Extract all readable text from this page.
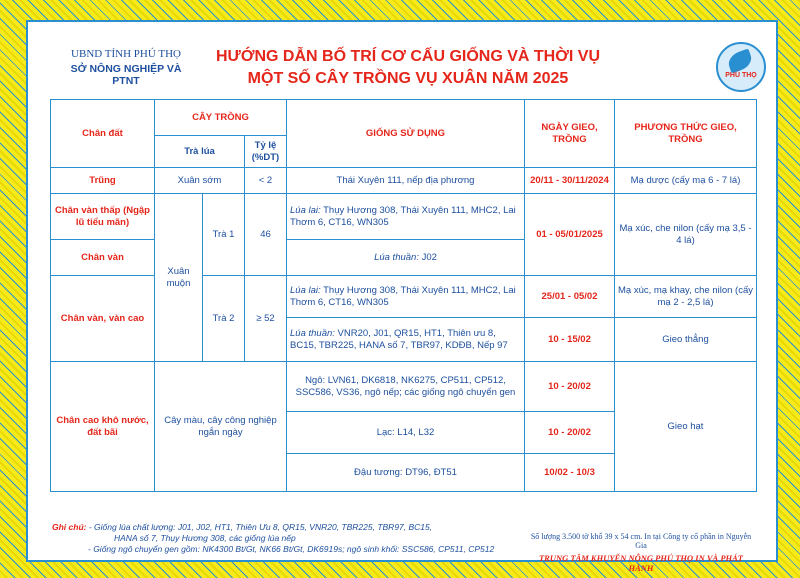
UBND TỈNH PHÚ THỌ
SỞ NÔNG NGHIỆP VÀ PTNT
HƯỚNG DẪN BỐ TRÍ CƠ CẤU GIỐNG VÀ THỜI VỤ
MỘT SỐ CÂY TRỒNG VỤ XUÂN NĂM 2025	PHÚ THỌ
Chân đất	CÂY TRỒNG			GIỐNG SỬ DỤNG	NGÀY GIEO, TRỒNG	PHƯƠNG THỨC GIEO, TRỒNG
	Trà lúa		Tỷ lệ (%DT)			
Trũng	Xuân sớm		< 2	Thái Xuyên 111, nếp địa phương	20/11 - 30/11/2024	Mạ dược (cấy mạ 6 - 7 lá)
Chân vàn thấp (Ngập lũ tiểu mãn)	Xuân muộn	Trà 1	46	Lúa lai: Thụy Hương 308, Thái Xuyên 111, MHC2, Lai Thơm 6, CT16, WN305	01 - 05/01/2025	Mạ xúc, che nilon (cấy mạ 3,5 - 4 lá)
Chân vàn				Lúa thuần: J02		
Chân vàn, vàn cao		Trà 2	≥ 52	Lúa lai: Thụy Hương 308, Thái Xuyên 111, MHC2, Lai Thơm 6, CT16, WN305	25/01 - 05/02	Mạ xúc, mạ khay, che nilon (cấy mạ 2 - 2,5 lá)
				Lúa thuần: VNR20, J01, QR15, HT1, Thiên ưu 8, BC15, TBR225, HANA số 7, TBR97, KDĐB, Nếp 97	10 - 15/02	Gieo thẳng
Chân cao khô nước, đất bãi	Cây màu, cây công nghiệp ngắn ngày			Ngô: LVN61, DK6818, NK6275, CP511, CP512, SSC586, VS36, ngô nếp; các giống ngô chuyển gen	10 - 20/02	Gieo hạt
				Lạc: L14, L32	10 - 20/02	
				Đậu tương: DT96, ĐT51	10/02 - 10/3	
Ghi chú: - Giống lúa chất lượng: J01, J02, HT1, Thiên Ưu 8, QR15, VNR20, TBR225, TBR97, BC15,
HANA số 7, Thụy Hương 308, các giống lúa nếp
- Giống ngô chuyển gen gồm: NK4300 Bt/Gt, NK66 Bt/Gt, DK6919s; ngô sinh khối: SSC586, CP511, CP512
Số lượng 3.500 tờ khổ 39 x 54 cm. In tại Công ty cổ phần in Nguyễn Gia
TRUNG TÂM KHUYẾN NÔNG PHÚ THỌ IN VÀ PHÁT HÀNH
